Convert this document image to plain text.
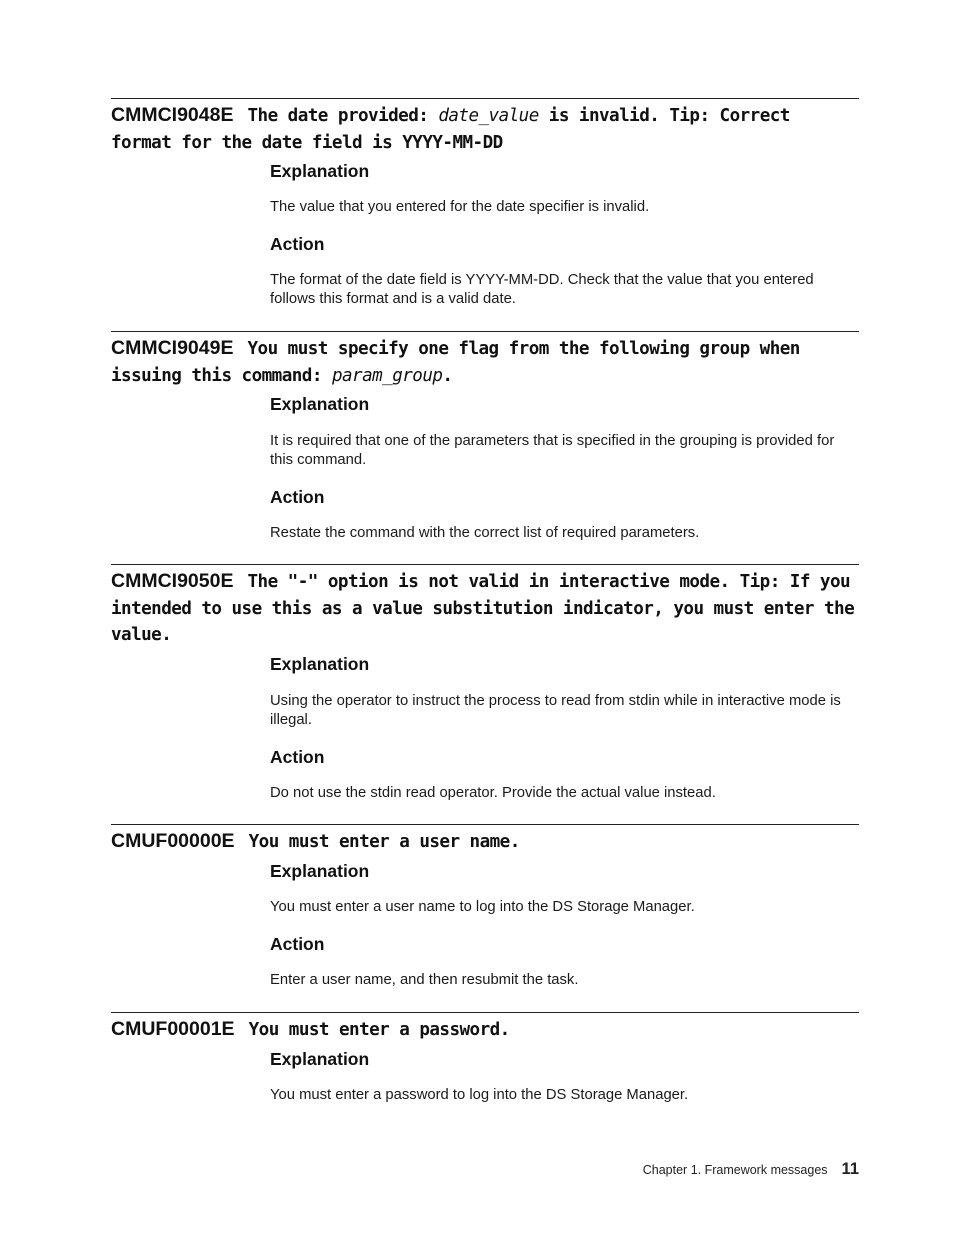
CMMCI9048E The date provided: date_value is invalid. Tip: Correct format for the date field is YYYY-MM-DD
Explanation
The value that you entered for the date specifier is invalid.
Action
The format of the date field is YYYY-MM-DD. Check that the value that you entered follows this format and is a valid date.
CMMCI9049E You must specify one flag from the following group when issuing this command: param_group.
Explanation
It is required that one of the parameters that is specified in the grouping is provided for this command.
Action
Restate the command with the correct list of required parameters.
CMMCI9050E The "-" option is not valid in interactive mode. Tip: If you intended to use this as a value substitution indicator, you must enter the value.
Explanation
Using the operator to instruct the process to read from stdin while in interactive mode is illegal.
Action
Do not use the stdin read operator. Provide the actual value instead.
CMUF00000E You must enter a user name.
Explanation
You must enter a user name to log into the DS Storage Manager.
Action
Enter a user name, and then resubmit the task.
CMUF00001E You must enter a password.
Explanation
You must enter a password to log into the DS Storage Manager.
Chapter 1. Framework messages 11
